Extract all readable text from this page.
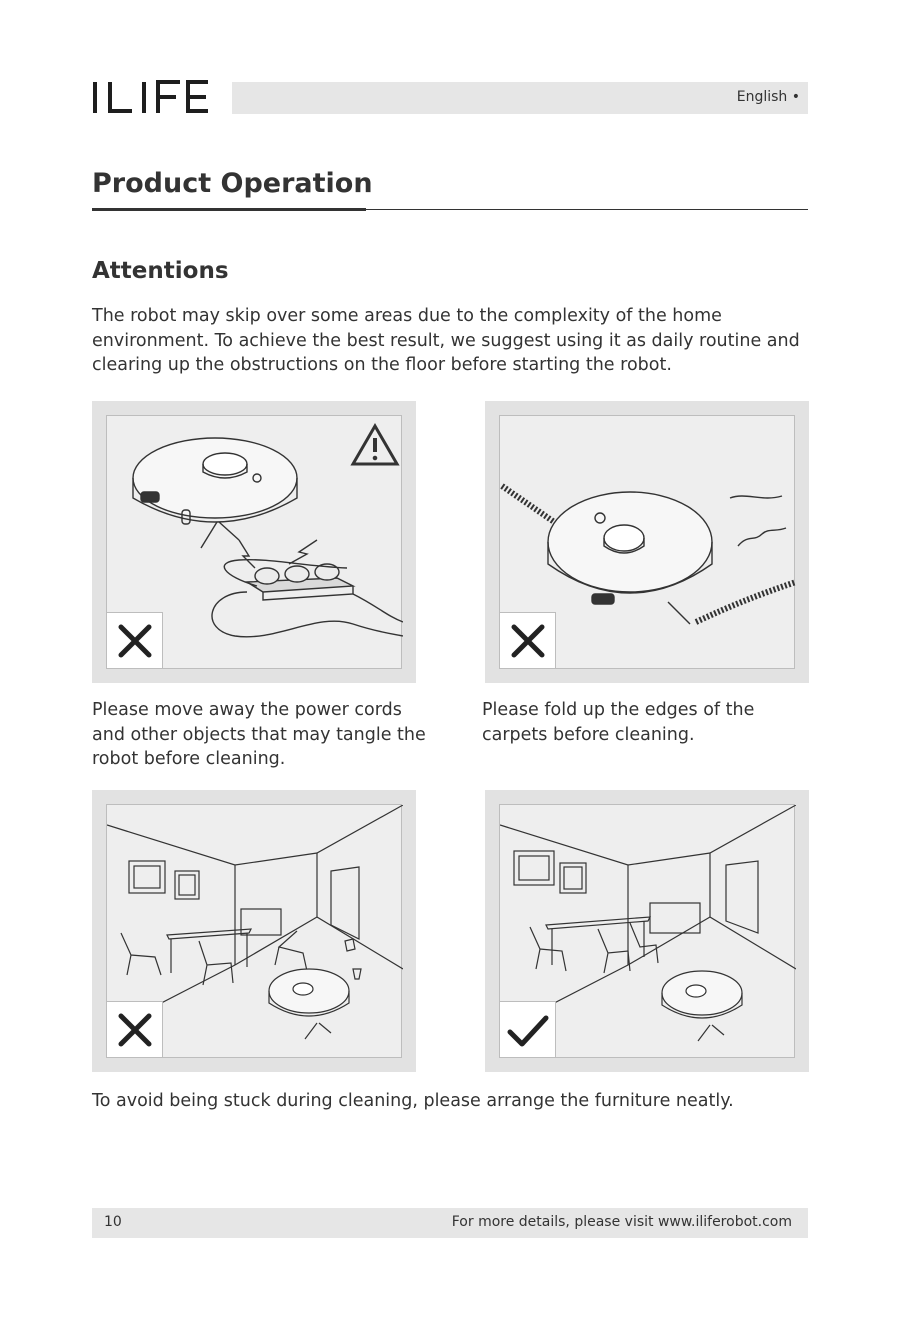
English •
Product Operation
Attentions
The robot may skip over some areas due to the complexity of the home environment. To achieve the best result, we suggest using it as daily routine and clearing up the obstructions on the floor before starting the robot.
Please move away the power cords and other objects that may tangle the robot before cleaning.
Please fold up the edges of the carpets before cleaning.
To avoid being stuck during cleaning, please arrange the furniture neatly.
10	For more details, please visit www.iliferobot.com
